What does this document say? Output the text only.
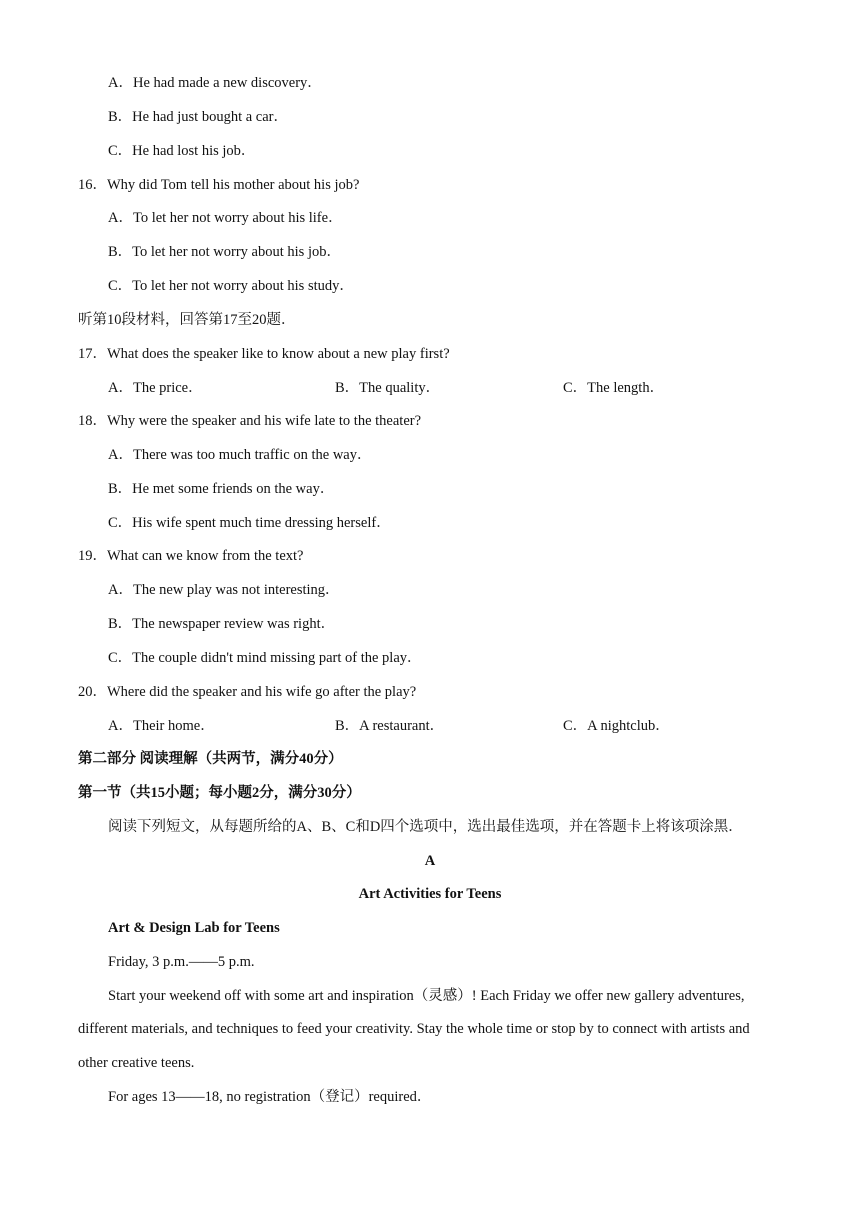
A．He had made a new discovery．
B．He had just bought a car．
C．He had lost his job．
16．Why did Tom tell his mother about his job?
A．To let her not worry about his life．
B．To let her not worry about his job．
C．To let her not worry about his study．
听第10段材料，回答第17至20题．
17．What does the speaker like to know about a new play first?
A．The price．	B．The quality．	C．The length．
18．Why were the speaker and his wife late to the theater?
A．There was too much traffic on the way．
B．He met some friends on the way．
C．His wife spent much time dressing herself．
19．What can we know from the text?
A．The new play was not interesting．
B．The newspaper review was right．
C．The couple didn't mind missing part of the play．
20．Where did the speaker and his wife go after the play?
A．Their home．	B．A restaurant．	C．A nightclub．
第二部分 阅读理解（共两节，满分40分）
第一节（共15小题；每小题2分，满分30分）
阅读下列短文，从每题所给的A、B、C和D四个选项中，选出最佳选项，并在答题卡上将该项涂黑．
A
Art Activities for Teens
Art & Design Lab for Teens
Friday, 3 p.m.——5 p.m.
Start your weekend off with some art and inspiration（灵感）! Each Friday we offer new gallery adventures,
different materials, and techniques to feed your creativity. Stay the whole time or stop by to connect with artists and
other creative teens.
For ages 13——18, no registration（登记）required．
